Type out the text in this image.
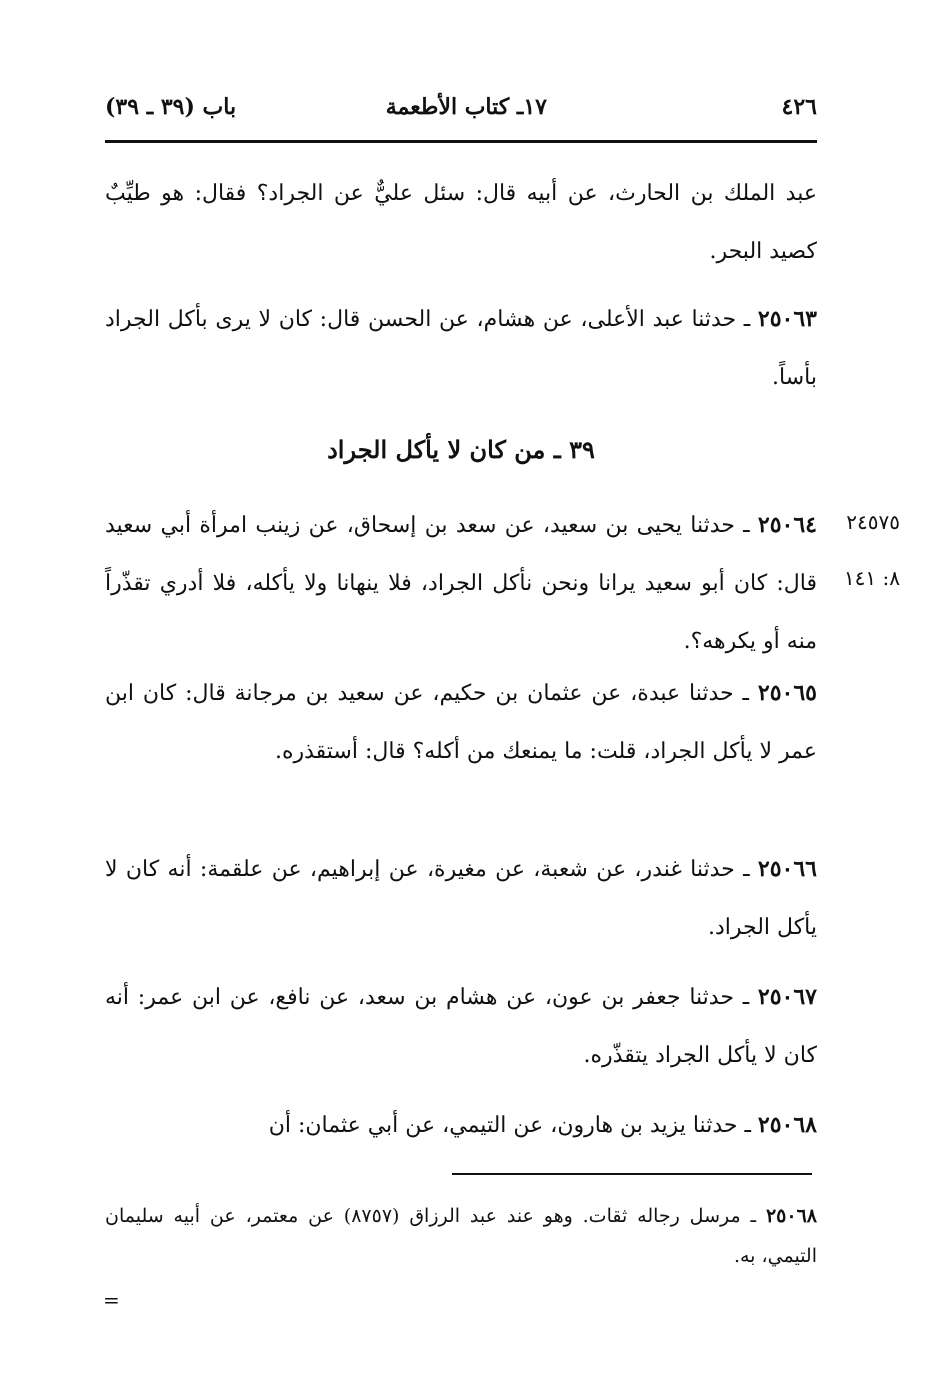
٤٢٦
١٧ـ كتاب الأطعمة
باب (٣٩ ـ ٣٩)
عبد الملك بن الحارث، عن أبيه قال: سئل عليٌّ عن الجراد؟ فقال: هو طيِّبٌ كصيد البحر.
٢٥٠٦٣ ـ حدثنا عبد الأعلى، عن هشام، عن الحسن قال: كان لا يرى بأكل الجراد بأساً.
٣٩ ـ من كان لا يأكل الجراد
٢٥٠٦٤ ـ حدثنا يحيى بن سعيد، عن سعد بن إسحاق، عن زينب امرأة أبي سعيد قال: كان أبو سعيد يرانا ونحن نأكل الجراد، فلا ينهانا ولا يأكله، فلا أدري تقذّراً منه أو يكرهه؟.
٢٤٥٧٥
٨: ١٤١
٢٥٠٦٥ ـ حدثنا عبدة، عن عثمان بن حكيم، عن سعيد بن مرجانة قال: كان ابن عمر لا يأكل الجراد، قلت: ما يمنعك من أكله؟ قال: أستقذره.
٢٥٠٦٦ ـ حدثنا غندر، عن شعبة، عن مغيرة، عن إبراهيم، عن علقمة: أنه كان لا يأكل الجراد.
٢٥٠٦٧ ـ حدثنا جعفر بن عون، عن هشام بن سعد، عن نافع، عن ابن عمر: أنه كان لا يأكل الجراد يتقذّره.
٢٥٠٦٨ ـ حدثنا يزيد بن هارون، عن التيمي، عن أبي عثمان: أن
٢٥٠٦٨ ـ مرسل رجاله ثقات. وهو عند عبد الرزاق (٨٧٥٧) عن معتمر، عن أبيه سليمان التيمي، به.
=
